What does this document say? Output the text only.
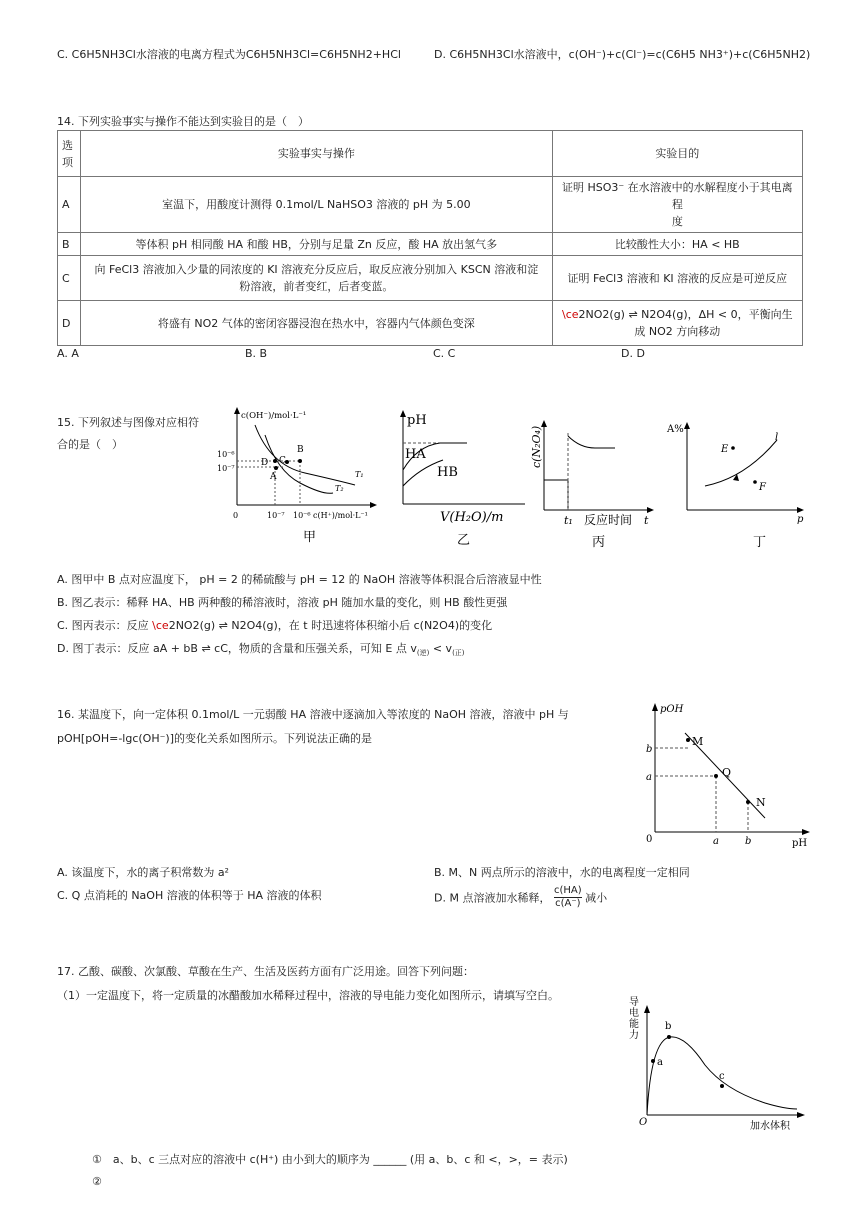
C. C6H5NH3Cl水溶液的电离方程式为C6H5NH3Cl=C6H5NH2+HCl	D. C6H5NH3Cl水溶液中，c(OH⁻)+c(Cl⁻)=c(C6H5 NH3⁺)+c(C6H5NH2)
14. 下列实验事实与操作不能达到实验目的是（　）
选项	实验事实与操作	实验目的
A	室温下，用酸度计测得 0.1mol/L NaHSO3 溶液的 pH 为 5.00	证明 HSO3⁻ 在水溶液中的水解程度小于其电离程
度

B	等体积 pH 相同酸 HA 和酸 HB，分别与足量 Zn 反应，酸 HA 放出氢气多	比较酸性大小：HA < HB
C	向 FeCl3 溶液加入少量的同浓度的 KI 溶液充分反应后，取反应液分别加入 KSCN 溶液和淀
粉溶液，前者变红，后者变蓝。	证明 FeCl3 溶液和 KI 溶液的反应是可逆反应
D	将盛有 NO2 气体的密闭容器浸泡在热水中，容器内气体颜色变深	\ce2NO2(g) ⇌ N2O4(g)，ΔH < 0，平衡向生
成 NO2 方向移动
A. A	B. B	C. C	D. D
15. 下列叙述与图像对应相符
合的是（　）
c(OH⁻)/mol·L⁻¹
10⁻⁶
10⁻⁷
0	10⁻⁷ 10⁻⁶ c(H⁺)/mol·L⁻¹
B
C
D
A	T₁
T₂
甲
pH
HA
HB
V(H₂O)/m
乙
c(N₂O₄)
t₁ 反应时间 t
丙
A%
E
F
l
p
丁
A. 图甲中 B 点对应温度下， pH = 2 的稀硫酸与 pH = 12 的 NaOH 溶液等体积混合后溶液显中性
B. 图乙表示：稀释 HA、HB 两种酸的稀溶液时，溶液 pH 随加水量的变化，则 HB 酸性更强
C. 图丙表示：反应 \ce2NO2(g) ⇌ N2O4(g)，在 t 时迅速将体积缩小后 c(N2O4)的变化
D. 图丁表示：反应 aA + bB ⇌ cC，物质的含量和压强关系，可知 E 点 $v_{(逆)} < v_{(正)}$
16. 某温度下，向一定体积 0.1mol/L 一元弱酸 HA 溶液中逐滴加入等浓度的 NaOH 溶液，溶液中 pH 与
pOH[pOH=-lgc(OH⁻)]的变化关系如图所示。下列说法正确的是
pOH
pH
M
Q
N
b
a
0	a	b
A. 该温度下，水的离子积常数为 a²	B. M、N 两点所示的溶液中，水的电离程度一定相同
C. Q 点消耗的 NaOH 溶液的体积等于 HA 溶液的体积	D. M 点溶液加水稀释， $\frac{c(HA)}{c(A^-)}$ 减小
17. 乙酸、碳酸、次氯酸、草酸在生产、生活及医药方面有广泛用途。回答下列问题：
（1）一定温度下，将一定质量的冰醋酸加水稀释过程中，溶液的导电能力变化如图所示，请填写空白。
导电能力
O	加水体积
a
b
c
①　a、b、c 三点对应的溶液中 c(H⁺) 由小到大的顺序为 ______ (用 a、b、c 和 <，>，= 表示)
②
